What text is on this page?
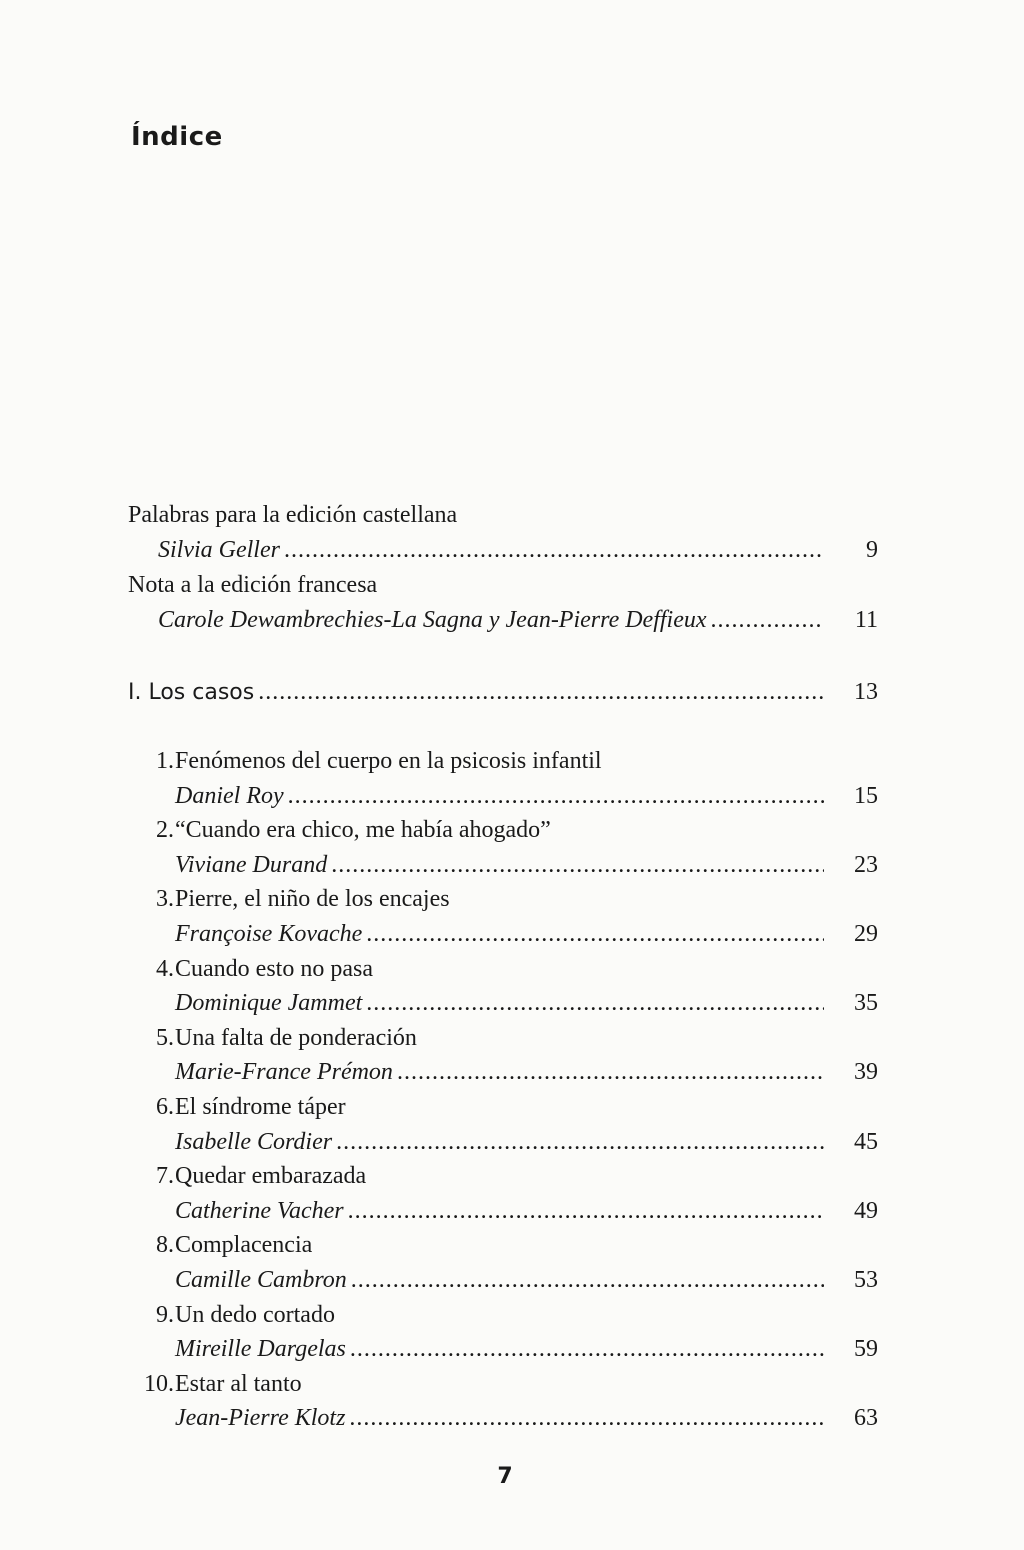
Índice
Palabras para la edición castellana
Silvia Geller .....	9
Nota a la edición francesa
Carole Dewambrechies-La Sagna y Jean-Pierre Deffieux .....	11
I. Los casos .....	13
1. Fenómenos del cuerpo en la psicosis infantil
Daniel Roy .....	15
2. “Cuando era chico, me había ahogado”
Viviane Durand .....	23
3. Pierre, el niño de los encajes
Françoise Kovache .....	29
4. Cuando esto no pasa
Dominique Jammet .....	35
5. Una falta de ponderación
Marie-France Prémon .....	39
6. El síndrome táper
Isabelle Cordier .....	45
7. Quedar embarazada
Catherine Vacher .....	49
8. Complacencia
Camille Cambron .....	53
9. Un dedo cortado
Mireille Dargelas .....	59
10. Estar al tanto
Jean-Pierre Klotz .....	63
7
